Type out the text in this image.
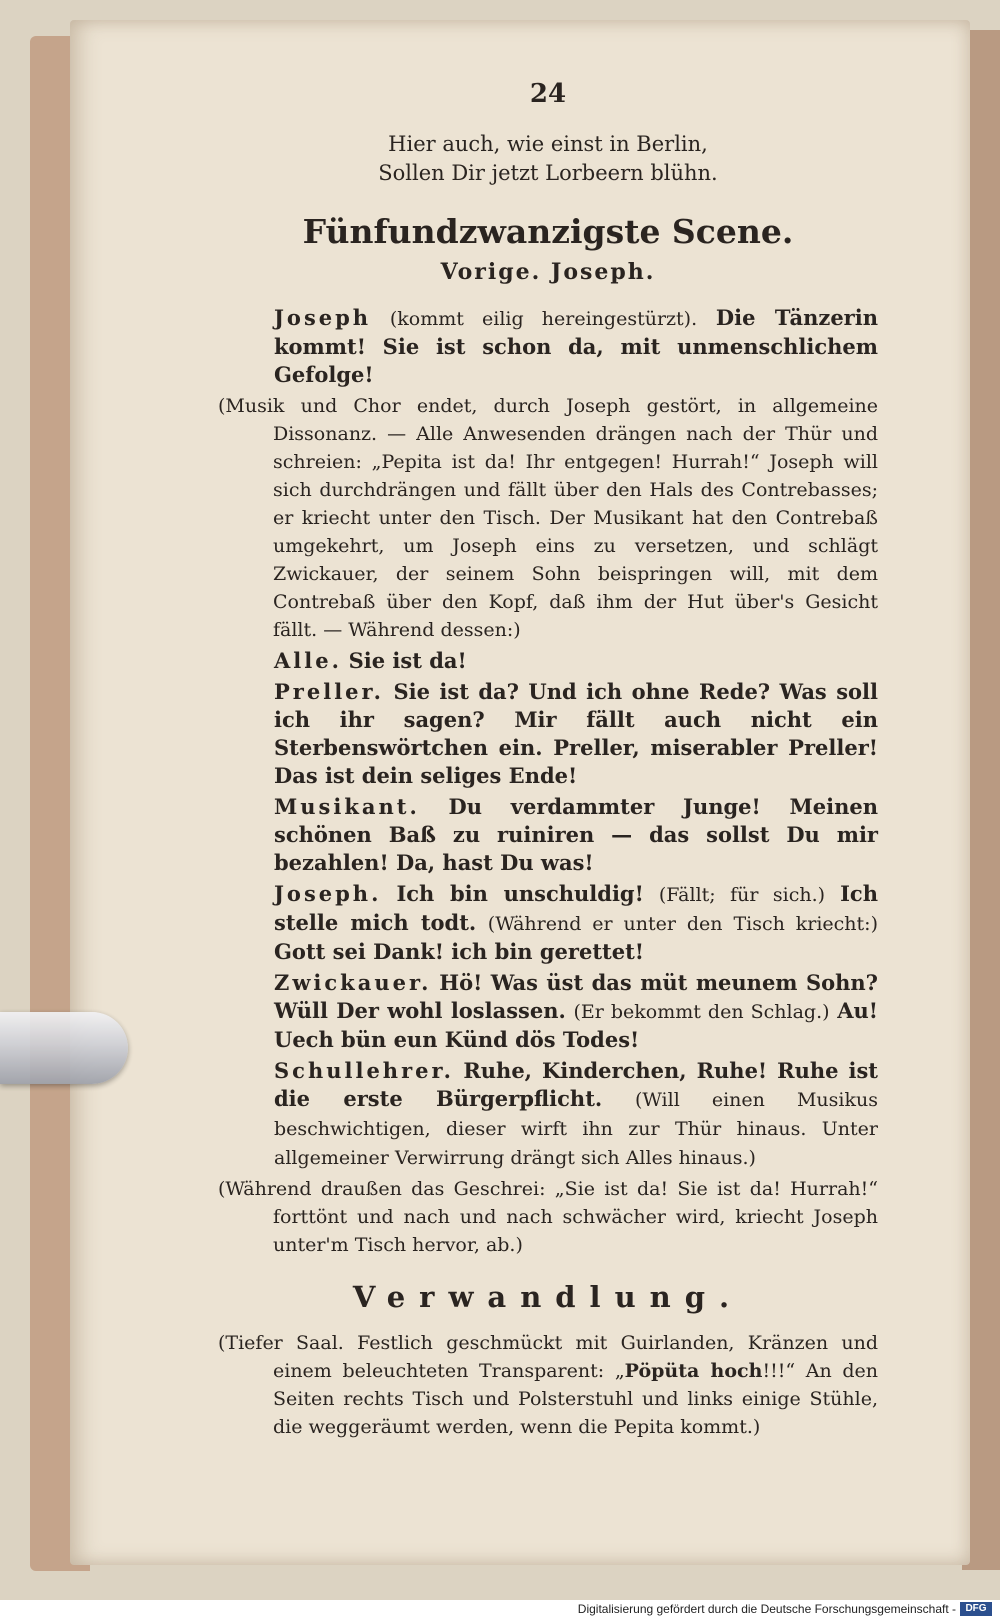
24
Hier auch, wie einst in Berlin,
Sollen Dir jetzt Lorbeern blühn.
Fünfundzwanzigste Scene.
Vorige. Joseph.

Joseph (kommt eilig hereingestürzt). Die Tänzerin kommt! Sie ist schon da, mit unmenschlichem Gefolge!

(Musik und Chor endet, durch Joseph gestört, in allgemeine Dissonanz. — Alle Anwesenden drängen nach der Thür und schreien: „Pepita ist da! Ihr entgegen! Hurrah!“ Joseph will sich durchdrängen und fällt über den Hals des Contrebasses; er kriecht unter den Tisch. Der Musikant hat den Contrebaß umgekehrt, um Joseph eins zu versetzen, und schlägt Zwickauer, der seinem Sohn beispringen will, mit dem Contrebaß über den Kopf, daß ihm der Hut über's Gesicht fällt. — Während dessen:)

Alle. Sie ist da!

Preller. Sie ist da? Und ich ohne Rede? Was soll ich ihr sagen? Mir fällt auch nicht ein Sterbenswörtchen ein. Preller, miserabler Preller! Das ist dein seliges Ende!

Musikant. Du verdammter Junge! Meinen schönen Baß zu ruiniren — das sollst Du mir bezahlen! Da, hast Du was!

Joseph. Ich bin unschuldig! (Fällt; für sich.) Ich stelle mich todt. (Während er unter den Tisch kriecht:) Gott sei Dank! ich bin gerettet!

Zwickauer. Hö! Was üst das müt meunem Sohn? Wüll Der wohl loslassen. (Er bekommt den Schlag.) Au! Uech bün eun Künd dös Todes!

Schullehrer. Ruhe, Kinderchen, Ruhe! Ruhe ist die erste Bürgerpflicht. (Will einen Musikus beschwichtigen, dieser wirft ihn zur Thür hinaus. Unter allgemeiner Verwirrung drängt sich Alles hinaus.)

(Während draußen das Geschrei: „Sie ist da! Sie ist da! Hurrah!“ forttönt und nach und nach schwächer wird, kriecht Joseph unter'm Tisch hervor, ab.)

Verwandlung.

(Tiefer Saal. Festlich geschmückt mit Guirlanden, Kränzen und einem beleuchteten Transparent: „Pöpüta hoch!!!“ An den Seiten rechts Tisch und Polsterstuhl und links einige Stühle, die weggeräumt werden, wenn die Pepita kommt.)

Digitalisierung gefördert durch die Deutsche Forschungsgemeinschaft - DFG
